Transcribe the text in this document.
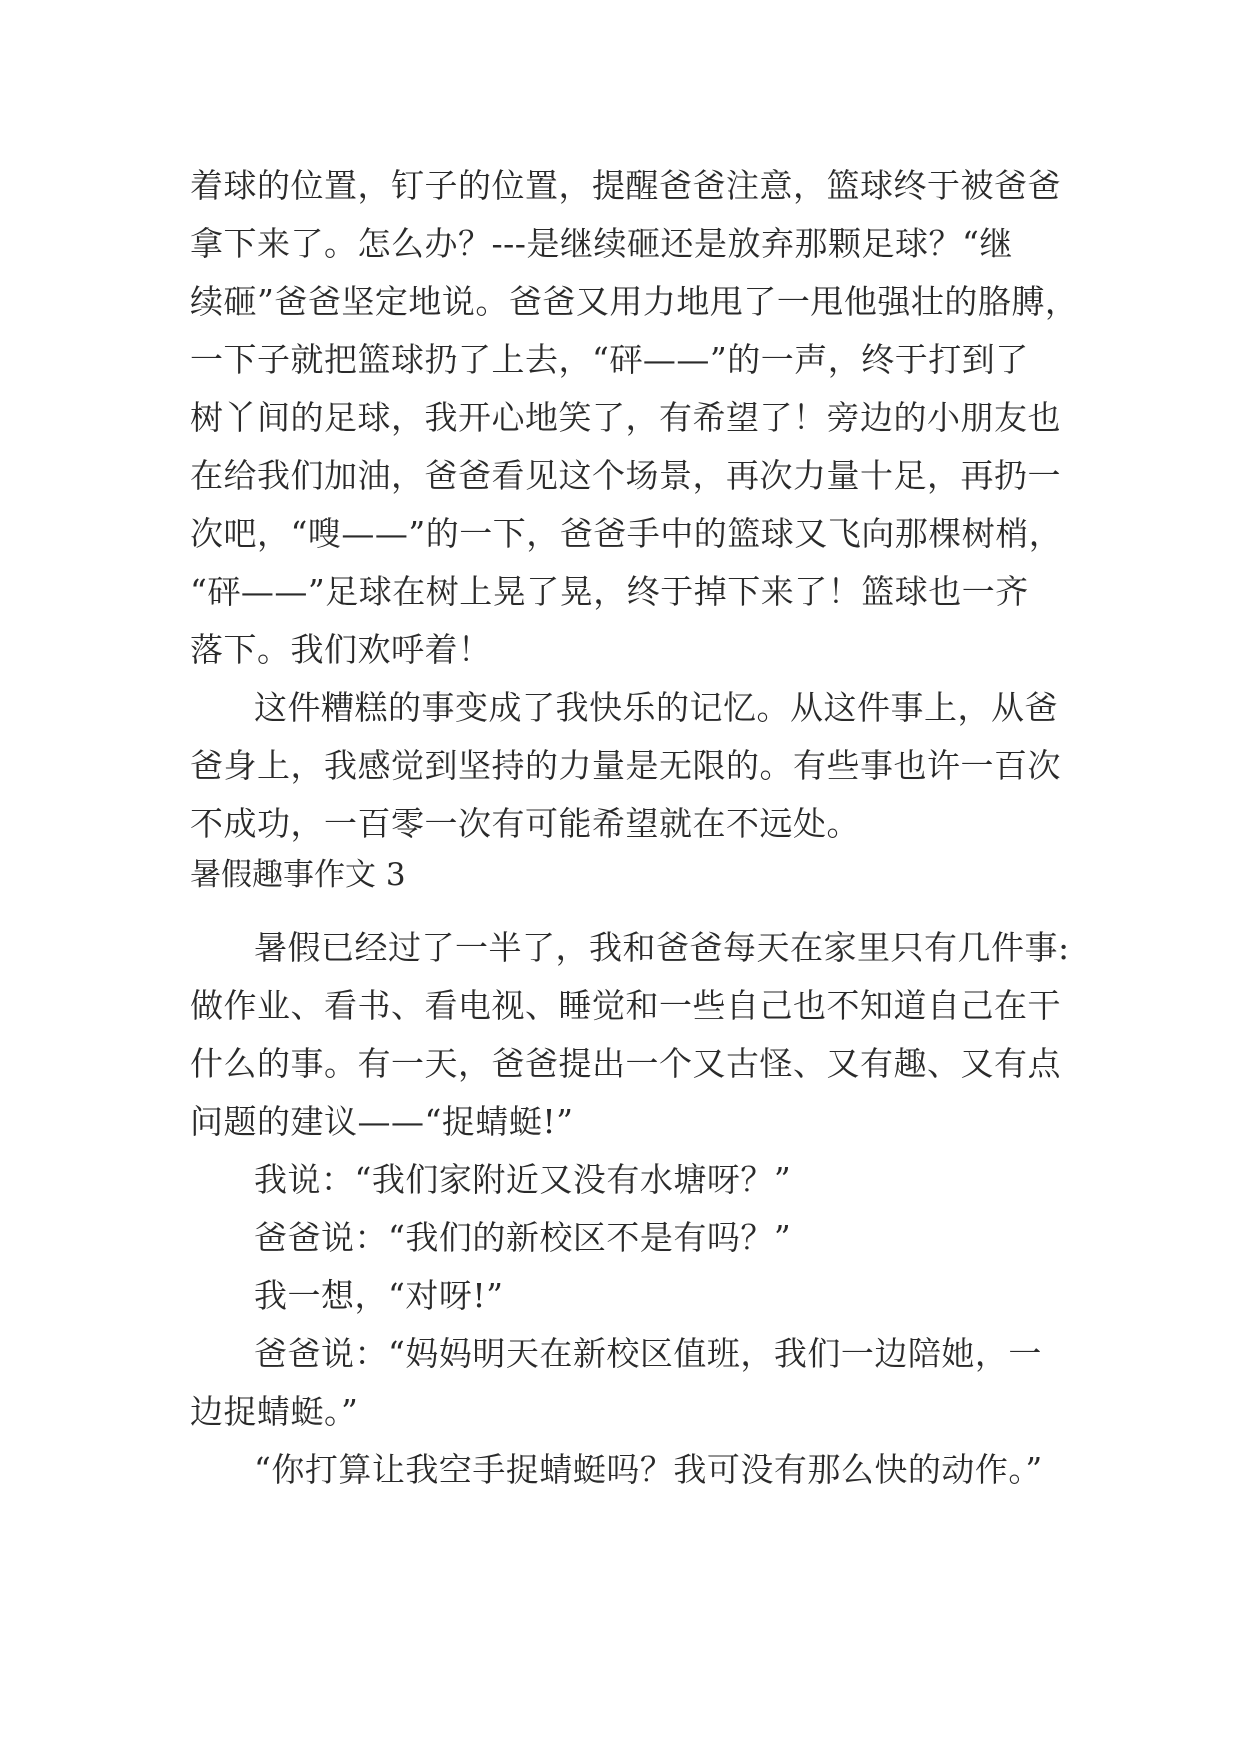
着球的位置，钉子的位置，提醒爸爸注意，篮球终于被爸爸
拿下来了。怎么办？---是继续砸还是放弃那颗足球？“继
续砸”爸爸坚定地说。爸爸又用力地甩了一甩他强壮的胳膊，
一下子就把篮球扔了上去，“砰——”的一声，终于打到了
树丫间的足球，我开心地笑了，有希望了！旁边的小朋友也
在给我们加油，爸爸看见这个场景，再次力量十足，再扔一
次吧，“嗖——”的一下，爸爸手中的篮球又飞向那棵树梢，
“砰——”足球在树上晃了晃，终于掉下来了！篮球也一齐
落下。我们欢呼着！
这件糟糕的事变成了我快乐的记忆。从这件事上，从爸
爸身上，我感觉到坚持的力量是无限的。有些事也许一百次
不成功，一百零一次有可能希望就在不远处。
暑假趣事作文 3
暑假已经过了一半了，我和爸爸每天在家里只有几件事:
做作业、看书、看电视、睡觉和一些自己也不知道自己在干
什么的事。有一天，爸爸提出一个又古怪、又有趣、又有点
问题的建议——“捉蜻蜓!”
我说：“我们家附近又没有水塘呀？”
爸爸说：“我们的新校区不是有吗？”
我一想，“对呀!”
爸爸说：“妈妈明天在新校区值班，我们一边陪她，一
边捉蜻蜓。”
“你打算让我空手捉蜻蜓吗？我可没有那么快的动作。”
